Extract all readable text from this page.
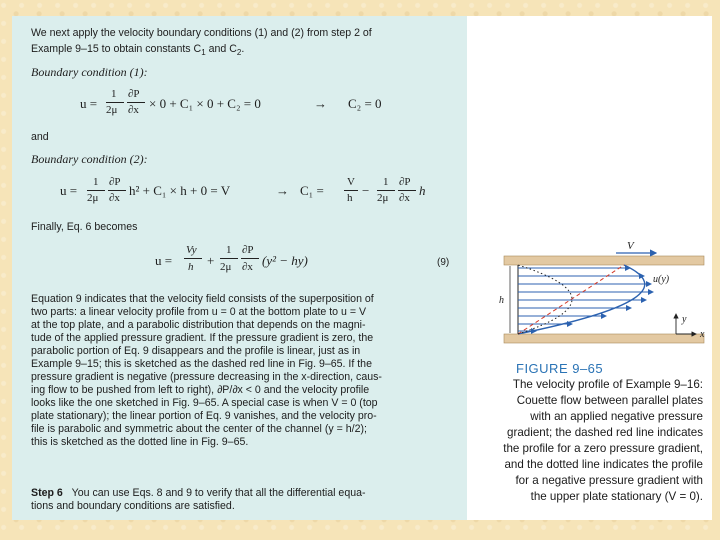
We next apply the velocity boundary conditions (1) and (2) from step 2 of
Example 9–15 to obtain constants $C_1$ and $C_2$.
Boundary condition (1):
u =
1
2μ
∂P
∂x × 0 + C₁ × 0 + C₂ = 0	→ C₂ = 0
and
Boundary condition (2):
u =
1
2μ
∂P
∂x h² + C₁ × h + 0 = V	→ C₁ =
V
h −
1
2μ
∂P
∂x h
Finally, Eq. 6 becomes
u =
Vy
h +
1
2μ
∂P
∂x (y² − hy)	(9)
Equation 9 indicates that the velocity field consists of the superposition of
two parts: a linear velocity profile from u = 0 at the bottom plate to u = V
at the top plate, and a parabolic distribution that depends on the magni-
tude of the applied pressure gradient. If the pressure gradient is zero, the
parabolic portion of Eq. 9 disappears and the profile is linear, just as in
Example 9–15; this is sketched as the dashed red line in Fig. 9–65. If the
pressure gradient is negative (pressure decreasing in the x-direction, caus-
ing flow to be pushed from left to right), ∂P/∂x < 0 and the velocity profile
looks like the one sketched in Fig. 9–65. A special case is when V = 0 (top
plate stationary); the linear portion of Eq. 9 vanishes, and the velocity pro-
file is parabolic and symmetric about the center of the channel (y = h/2);
this is sketched as the dotted line in Fig. 9–65.
Step 6 You can use Eqs. 8 and 9 to verify that all the differential equa-
tions and boundary conditions are satisfied.
V
h
u(y)
y
x
FIGURE 9–65
The velocity profile of Example 9–16:
Couette flow between parallel plates
with an applied negative pressure
gradient; the dashed red line indicates
the profile for a zero pressure gradient,
and the dotted line indicates the profile
for a negative pressure gradient with
the upper plate stationary (V = 0).
